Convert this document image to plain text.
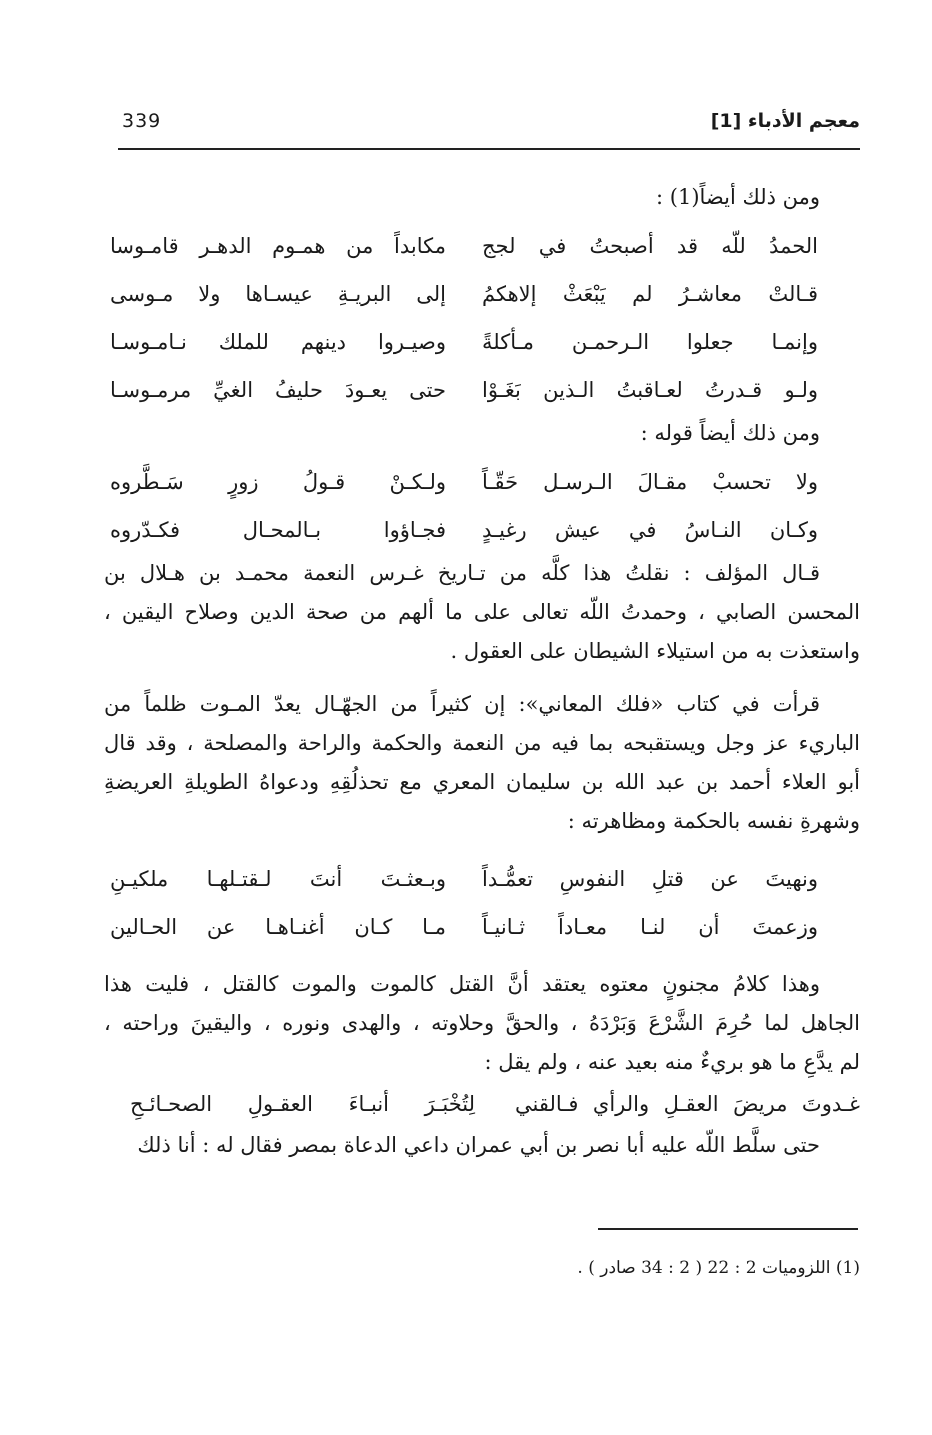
معجم الأدباء [1]
339
ومن ذلك أيضاً(1) :
الحمدُ للّه قد أصبحتُ في لجج
مكابداً من همـوم الدهـر قامـوسا
قـالتْ معاشـرُ لم يَبْعَثْ إلاهكمُ
إلى البريـةِ عيسـاها ولا مـوسى
وإنمـا جعلوا الـرحمـن مـأكلةً
وصيـروا دينهم للملك نـامـوسـا
ولـو قـدرتُ لعـاقبتُ الـذين بَغَـوْا
حتى يعـودَ حليفُ الغيِّ مرمـوسـا
ومن ذلك أيضاً قوله :
ولا تحسبْ مقـالَ الـرسـل حَقّـاً
ولـكـنْ قـولُ زورٍ سَـطَّروه
وكـان النـاسُ في عيش رغيـدٍ
فجـاؤوا بـالمحـال فكـدّروه
قـال المؤلف : نقلتُ هذا كلَّه من تـاريخ غـرس النعمة محمـد بن هـلال بن
المحسن الصابي ، وحمدتُ اللّه تعالى على ما ألهم من صحة الدين وصلاح اليقين ،
واستعذت به من استيلاء الشيطان على العقول .
قرأت في كتاب «فلك المعاني»: إن كثيراً من الجهّـال يعدّ المـوت ظلماً من
الباريء عز وجل ويستقبحه بما فيه من النعمة والحكمة والراحة والمصلحة ، وقد قال
أبو العلاء أحمد بن عبد الله بن سليمان المعري مع تحذلُقِهِ ودعواهُ الطويلةِ العريضةِ
وشهرةِ نفسه بالحكمة ومظاهرته :
ونهيتَ عن قتلِ النفوسِ تعمُّـداً
وبـعثـتَ أنتَ لـقتـلهـا ملكيـنِ
وزعمتَ أن لنـا معـاداً ثـانيـاً
مـا كـان أغنـاهـا عن الحـالين
وهذا كلامُ مجنونٍ معتوه يعتقد أنَّ القتل كالموت والموت كالقتل ، فليت هذا
الجاهل لما حُرِمَ الشَّرْعَ وَبَرْدَهُ ، والحقَّ وحلاوته ، والهدى ونوره ، واليقينَ وراحته ،
لم يدَّعِ ما هو بريءٌ منه بعيد عنه ، ولم يقل :
غـدوتَ مريضَ العقـلِ والرأي فـالقني
لِتُخْبَـرَ أنبـاءَ العقـولِ الصحـائـحِ
حتى سلَّط اللّه عليه أبا نصر بن أبي عمران داعي الدعاة بمصر فقال له : أنا ذلك
(1) اللزوميات 2 : 22 ( 2 : 34 صادر ) .
